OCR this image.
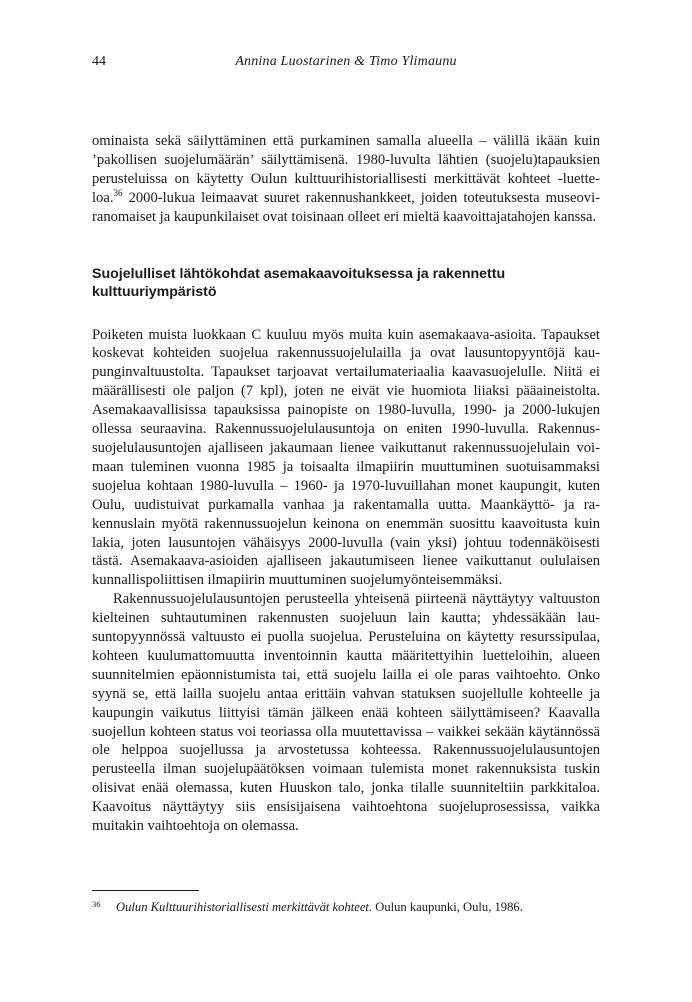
44	Annina Luostarinen & Timo Ylimaunu

ominaista sekä säilyttäminen että purkaminen samalla alueella – välillä ikään kuin ’pakollisen suojelumäärän’ säilyttämisenä. 1980-luvulta lähtien (suojelu)tapauksien perusteluissa on käytetty Oulun kulttuurihistoriallisesti merkittävät kohteet -luetteloa.$^{36}$ 2000-lukua leimaavat suuret rakennushankkeet, joiden toteutuksesta museoviranomaiset ja kaupunkilaiset ovat toisinaan olleet eri mieltä kaavoittajatahojen kanssa.

Suojelulliset lähtökohdat asemakaavoituksessa ja rakennettu
kulttuuriympäristö

Poiketen muista luokkaan C kuuluu myös muita kuin asemakaava-asioita. Tapaukset koskevat kohteiden suojelua rakennussuojelulailla ja ovat lausuntopyyntöjä kaupunginvaltuustolta. Tapaukset tarjoavat vertailumateriaalia kaavasuojelulle. Niitä ei määrällisesti ole paljon (7 kpl), joten ne eivät vie huomiota liiaksi pääaineistolta. Asemakaavallisissa tapauksissa painopiste on 1980-luvulla, 1990- ja 2000-lukujen ollessa seuraavina. Rakennussuojelulausuntoja on eniten 1990-luvulla. Rakennussuojelulausuntojen ajalliseen jakaumaan lienee vaikuttanut rakennussuojelulain voimaan tuleminen vuonna 1985 ja toisaalta ilmapiirin muuttuminen suotuisammaksi suojelua kohtaan 1980-luvulla – 1960- ja 1970-luvuillahan monet kaupungit, kuten Oulu, uudistuivat purkamalla vanhaa ja rakentamalla uutta. Maankäyttö- ja rakennuslain myötä rakennussuojelun keinona on enemmän suosittu kaavoitusta kuin lakia, joten lausuntojen vähäisyys 2000-luvulla (vain yksi) johtuu todennäköisesti tästä. Asemakaava-asioiden ajalliseen jakautumiseen lienee vaikuttanut oululaisen kunnallispoliittisen ilmapiirin muuttuminen suojelumyönteisemmäksi.

Rakennussuojelulausuntojen perusteella yhteisenä piirteenä näyttäytyy valtuuston kielteinen suhtautuminen rakennusten suojeluun lain kautta; yhdessäkään lausuntopyynnössä valtuusto ei puolla suojelua. Perusteluina on käytetty resurssipulaa, kohteen kuulumattomuutta inventoinnin kautta määritettyihin luetteloihin, alueen suunnitelmien epäonnistumista tai, että suojelu lailla ei ole paras vaihtoehto. Onko syynä se, että lailla suojelu antaa erittäin vahvan statuksen suojellulle kohteelle ja kaupungin vaikutus liittyisi tämän jälkeen enää kohteen säilyttämiseen? Kaavalla suojellun kohteen status voi teoriassa olla muutettavissa – vaikkei sekään käytännössä ole helppoa suojellussa ja arvostetussa kohteessa. Rakennussuojelulausuntojen perusteella ilman suojelupäätöksen voimaan tulemista monet rakennuksista tuskin olisivat enää olemassa, kuten Huuskon talo, jonka tilalle suunniteltiin parkkitaloa. Kaavoitus näyttäytyy siis ensisijaisena vaihtoehtona suojeluprosessissa, vaikka muitakin vaihtoehtoja on olemassa.

36 Oulun Kulttuurihistoriallisesti merkittävät kohteet. Oulun kaupunki, Oulu, 1986.
